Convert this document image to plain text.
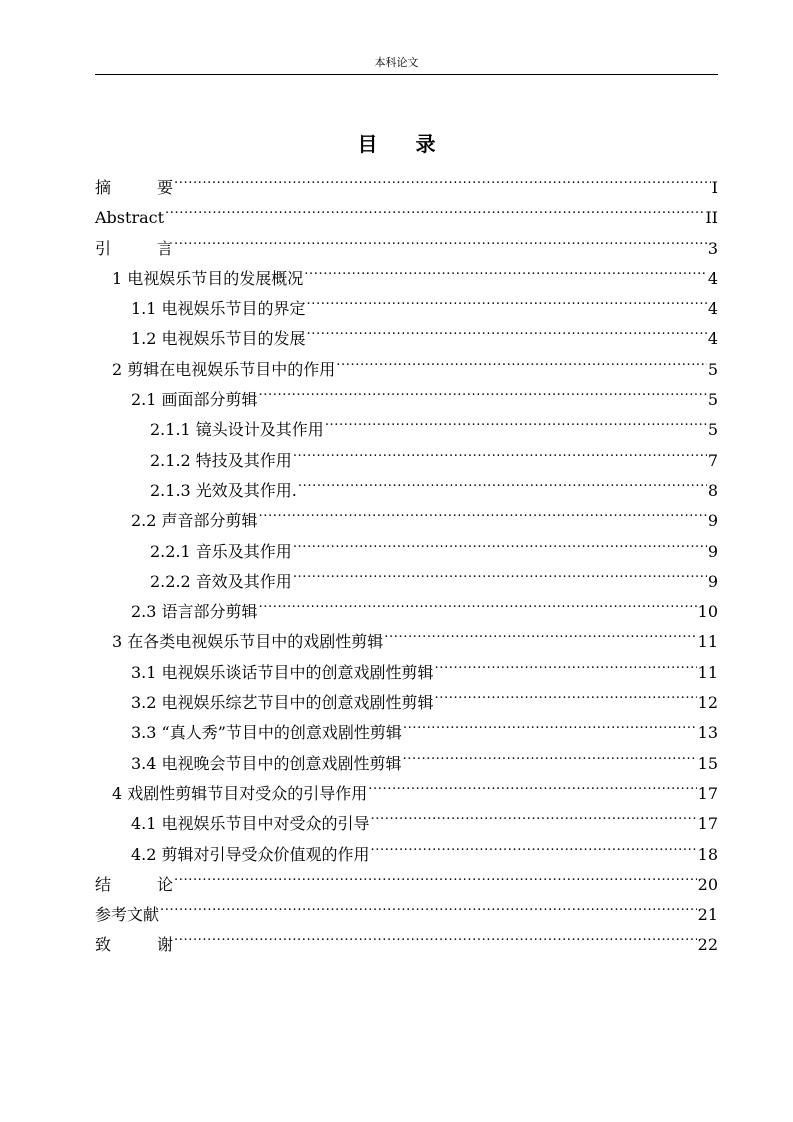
本科论文
目 录
摘要 .....	I
Abstract .....	II
引言 .....	3
1 电视娱乐节目的发展概况 .....	4
1.1 电视娱乐节目的界定 .....	4
1.2 电视娱乐节目的发展 .....	4
2 剪辑在电视娱乐节目中的作用 .....	5
2.1 画面部分剪辑 .....	5
2.1.1 镜头设计及其作用 .....	5
2.1.2 特技及其作用 .....	7
2.1.3 光效及其作用. .....	8
2.2 声音部分剪辑 .....	9
2.2.1 音乐及其作用 .....	9
2.2.2 音效及其作用 .....	9
2.3 语言部分剪辑 .....	10
3 在各类电视娱乐节目中的戏剧性剪辑 .....	11
3.1 电视娱乐谈话节目中的创意戏剧性剪辑 .....	11
3.2 电视娱乐综艺节目中的创意戏剧性剪辑 .....	12
3.3 “真人秀”节目中的创意戏剧性剪辑 .....	13
3.4 电视晚会节目中的创意戏剧性剪辑 .....	15
4 戏剧性剪辑节目对受众的引导作用 .....	17
4.1 电视娱乐节目中对受众的引导 .....	17
4.2 剪辑对引导受众价值观的作用 .....	18
结论 .....	20
参考文献 .....	21
致谢 .....	22
